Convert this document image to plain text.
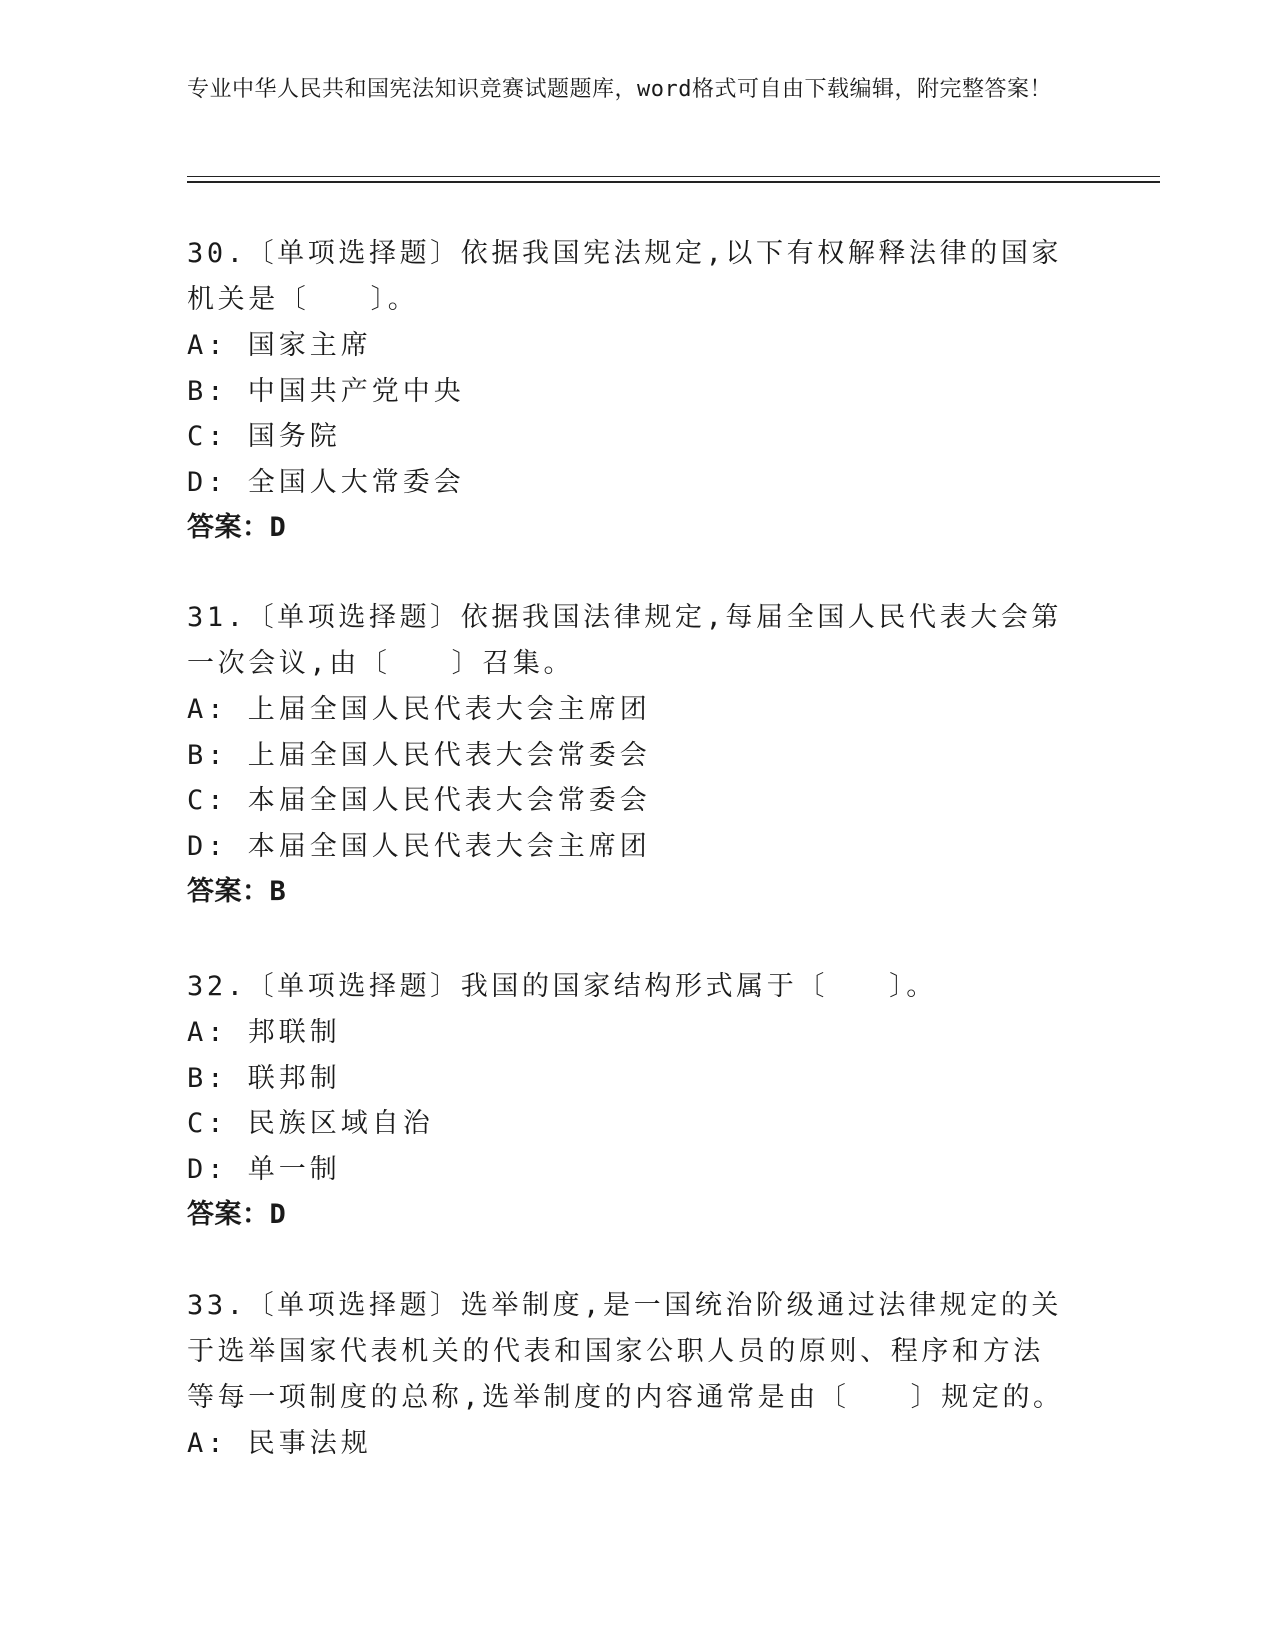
专业中华人民共和国宪法知识竞赛试题题库，word格式可自由下载编辑，附完整答案！

30.〔单项选择题〕依据我国宪法规定,以下有权解释法律的国家机关是〔　　〕。

A: 国家主席

B: 中国共产党中央

C: 国务院

D: 全国人大常委会

答案：D

31.〔单项选择题〕依据我国法律规定,每届全国人民代表大会第一次会议,由〔　　〕召集。

A: 上届全国人民代表大会主席团

B: 上届全国人民代表大会常委会

C: 本届全国人民代表大会常委会

D: 本届全国人民代表大会主席团

答案：B

32.〔单项选择题〕我国的国家结构形式属于〔　　〕。

A: 邦联制

B: 联邦制

C: 民族区域自治

D: 单一制

答案：D

33.〔单项选择题〕选举制度,是一国统治阶级通过法律规定的关于选举国家代表机关的代表和国家公职人员的原则、程序和方法等每一项制度的总称,选举制度的内容通常是由〔　　〕规定的。

A: 民事法规
